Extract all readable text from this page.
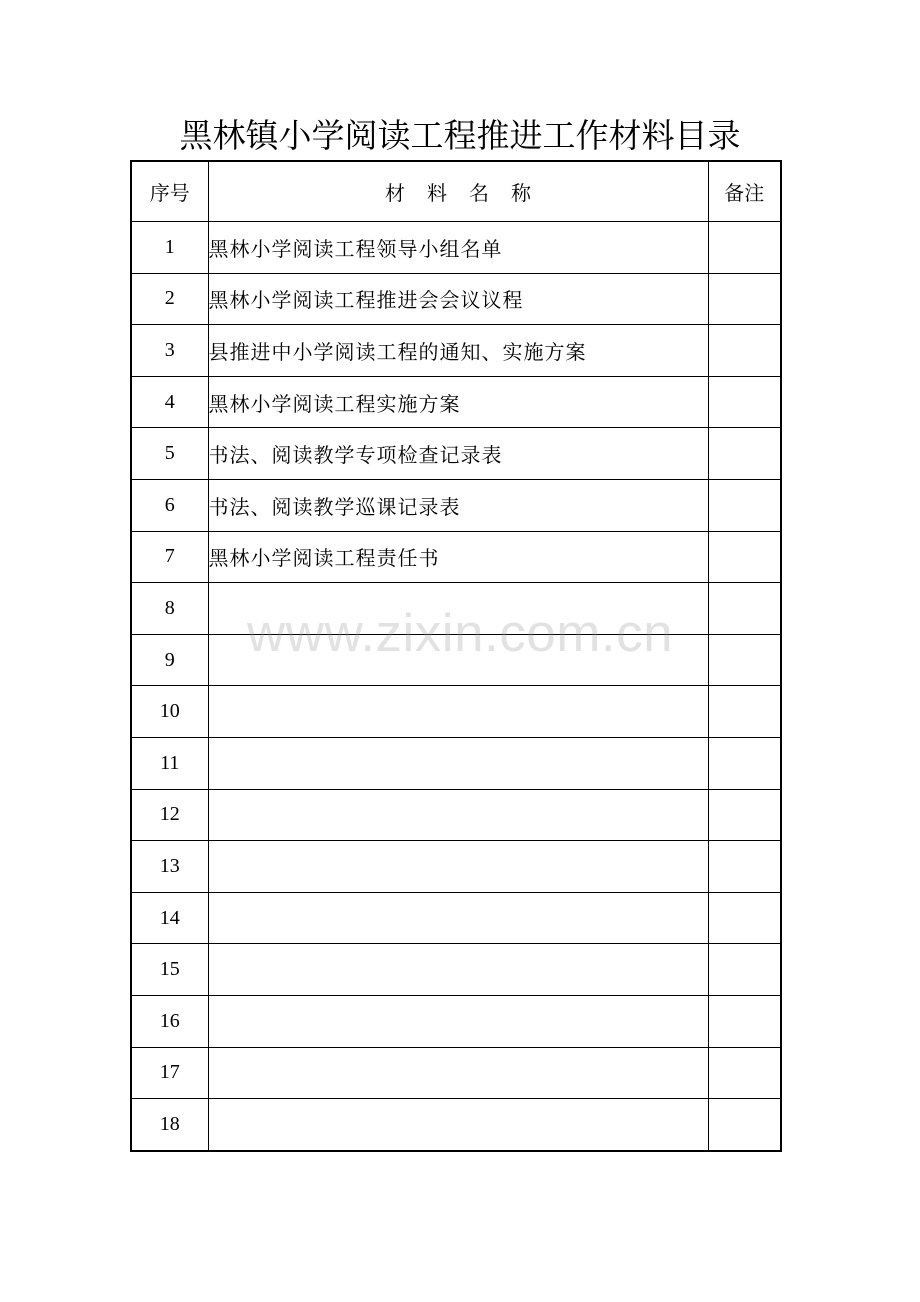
黑林镇小学阅读工程推进工作材料目录
序号	材料名称	备注
1	黑林小学阅读工程领导小组名单	
2	黑林小学阅读工程推进会会议议程	
3	县推进中小学阅读工程的通知、实施方案	
4	黑林小学阅读工程实施方案	
5	书法、阅读教学专项检查记录表	
6	书法、阅读教学巡课记录表	
7	黑林小学阅读工程责任书	
8		
9		
10		
11		
12		
13		
14		
15		
16		
17		
18		
www.zixin.com.cn
